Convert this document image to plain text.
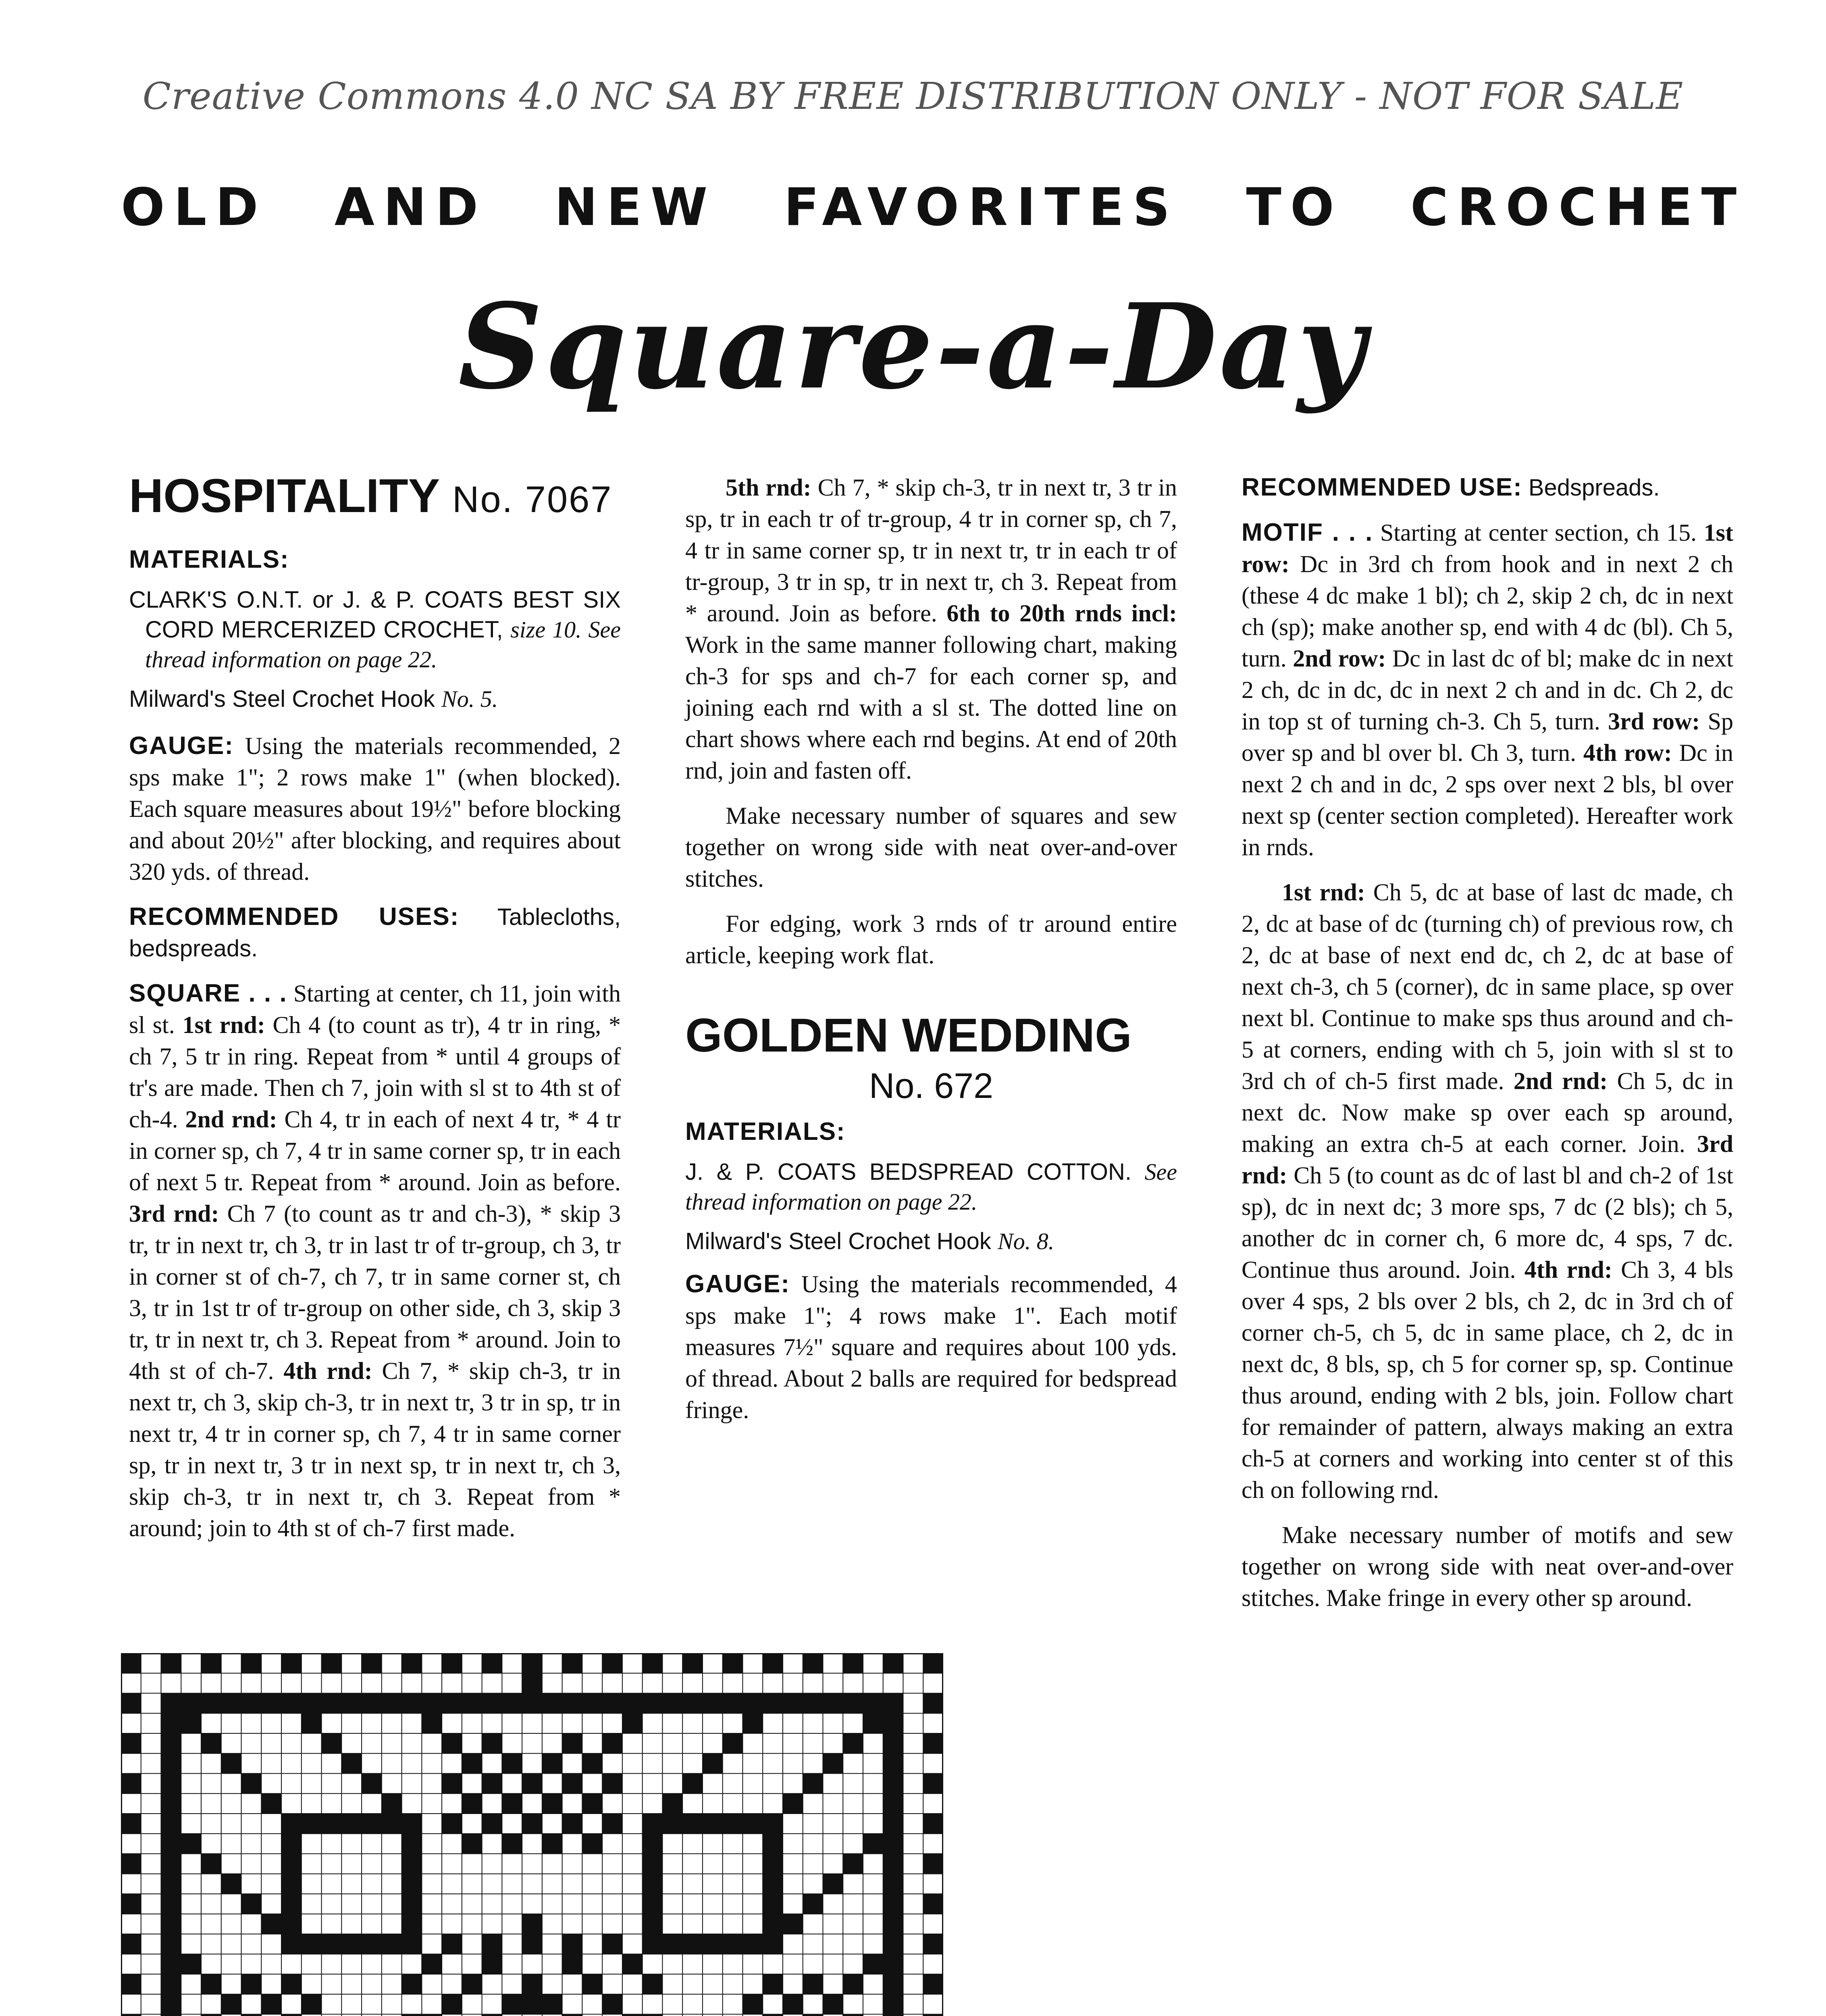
Creative Commons 4.0 NC SA BY FREE DISTRIBUTION ONLY - NOT FOR SALE
OLD AND NEW FAVORITES TO CROCHET
Square-a-Day
HOSPITALITY No. 7067
MATERIALS:
CLARK'S O.N.T. or J. & P. COATS BEST SIX CORD MERCERIZED CROCHET, size 10. See thread information on page 22.
Milward's Steel Crochet Hook No. 5.

GAUGE: Using the materials recommended, 2 sps make 1"; 2 rows make 1" (when blocked). Each square measures about 19½" before blocking and about 20½" after blocking, and requires about 320 yds. of thread.

RECOMMENDED USES: Tablecloths, bedspreads.

SQUARE . . . Starting at center, ch 11, join with sl st. 1st rnd: Ch 4 (to count as tr), 4 tr in ring, * ch 7, 5 tr in ring. Repeat from * until 4 groups of tr's are made. Then ch 7, join with sl st to 4th st of ch-4. 2nd rnd: Ch 4, tr in each of next 4 tr, * 4 tr in corner sp, ch 7, 4 tr in same corner sp, tr in each of next 5 tr. Repeat from * around. Join as before. 3rd rnd: Ch 7 (to count as tr and ch-3), * skip 3 tr, tr in next tr, ch 3, tr in last tr of tr-group, ch 3, tr in corner st of ch-7, ch 7, tr in same corner st, ch 3, tr in 1st tr of tr-group on other side, ch 3, skip 3 tr, tr in next tr, ch 3. Repeat from * around. Join to 4th st of ch-7. 4th rnd: Ch 7, * skip ch-3, tr in next tr, ch 3, skip ch-3, tr in next tr, 3 tr in sp, tr in next tr, 4 tr in corner sp, ch 7, 4 tr in same corner sp, tr in next tr, 3 tr in next sp, tr in next tr, ch 3, skip ch-3, tr in next tr, ch 3. Repeat from * around; join to 4th st of ch-7 first made.

5th rnd: Ch 7, * skip ch-3, tr in next tr, 3 tr in sp, tr in each tr of tr-group, 4 tr in corner sp, ch 7, 4 tr in same corner sp, tr in next tr, tr in each tr of tr-group, 3 tr in sp, tr in next tr, ch 3. Repeat from * around. Join as before. 6th to 20th rnds incl: Work in the same manner following chart, making ch-3 for sps and ch-7 for each corner sp, and joining each rnd with a sl st. The dotted line on chart shows where each rnd begins. At end of 20th rnd, join and fasten off.

Make necessary number of squares and sew together on wrong side with neat over-and-over stitches.

For edging, work 3 rnds of tr around entire article, keeping work flat.

GOLDEN WEDDING
No. 672
MATERIALS:
J. & P. COATS BEDSPREAD COTTON. See thread information on page 22.
Milward's Steel Crochet Hook No. 8.

GAUGE: Using the materials recommended, 4 sps make 1"; 4 rows make 1". Each motif measures 7½" square and requires about 100 yds. of thread. About 2 balls are required for bedspread fringe.

RECOMMENDED USE: Bedspreads.

MOTIF . . . Starting at center section, ch 15. 1st row: Dc in 3rd ch from hook and in next 2 ch (these 4 dc make 1 bl); ch 2, skip 2 ch, dc in next ch (sp); make another sp, end with 4 dc (bl). Ch 5, turn. 2nd row: Dc in last dc of bl; make dc in next 2 ch, dc in dc, dc in next 2 ch and in dc. Ch 2, dc in top st of turning ch-3. Ch 5, turn. 3rd row: Sp over sp and bl over bl. Ch 3, turn. 4th row: Dc in next 2 ch and in dc, 2 sps over next 2 bls, bl over next sp (center section completed). Hereafter work in rnds.

1st rnd: Ch 5, dc at base of last dc made, ch 2, dc at base of dc (turning ch) of previous row, ch 2, dc at base of next end dc, ch 2, dc at base of next ch-3, ch 5 (corner), dc in same place, sp over next bl. Continue to make sps thus around and ch-5 at corners, ending with ch 5, join with sl st to 3rd ch of ch-5 first made. 2nd rnd: Ch 5, dc in next dc. Now make sp over each sp around, making an extra ch-5 at each corner. Join. 3rd rnd: Ch 5 (to count as dc of last bl and ch-2 of 1st sp), dc in next dc; 3 more sps, 7 dc (2 bls); ch 5, another dc in corner ch, 6 more dc, 4 sps, 7 dc. Continue thus around. Join. 4th rnd: Ch 3, 4 bls over 4 sps, 2 bls over 2 bls, ch 2, dc in 3rd ch of corner ch-5, ch 5, dc in same place, ch 2, dc in next dc, 8 bls, sp, ch 5 for corner sp, sp. Continue thus around, ending with 2 bls, join. Follow chart for remainder of pattern, always making an extra ch-5 at corners and working into center st of this ch on following rnd.

Make necessary number of motifs and sew together on wrong side with neat over-and-over stitches. Make fringe in every other sp around.
